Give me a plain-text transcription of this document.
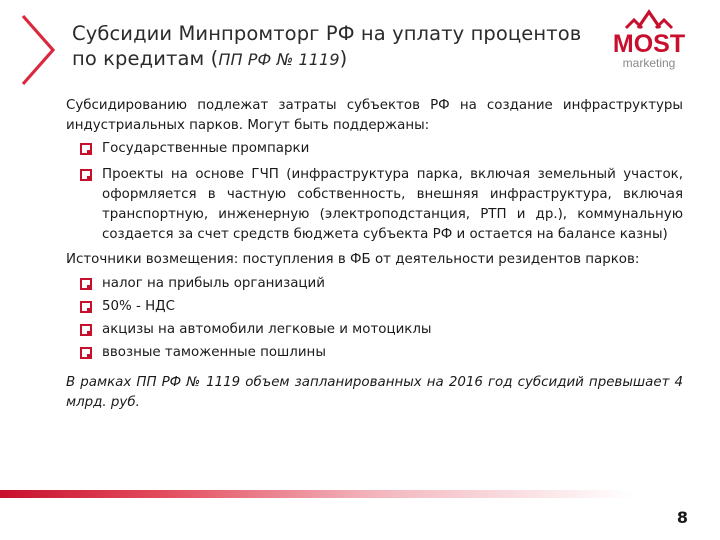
Субсидии Минпромторг РФ на уплату процентов
по кредитам (ПП РФ № 1119)
MOST
marketing

Субсидированию подлежат затраты субъектов РФ на создание инфраструктуры индустриальных парков. Могут быть поддержаны:

Государственные промпарки
Проекты на основе ГЧП (инфраструктура парка, включая земельный участок, оформляется в частную собственность, внешняя инфраструктура, включая транспортную, инженерную (электроподстанция, РТП и др.), коммунальную создается за счет средств бюджета субъекта РФ и остается на балансе казны)

Источники возмещения: поступления в ФБ от деятельности резидентов парков:

налог на прибыль организаций
50% - НДС
акцизы на автомобили легковые и мотоциклы
ввозные таможенные пошлины

В рамках ПП РФ № 1119 объем запланированных на 2016 год субсидий превышает 4 млрд. руб.

8
